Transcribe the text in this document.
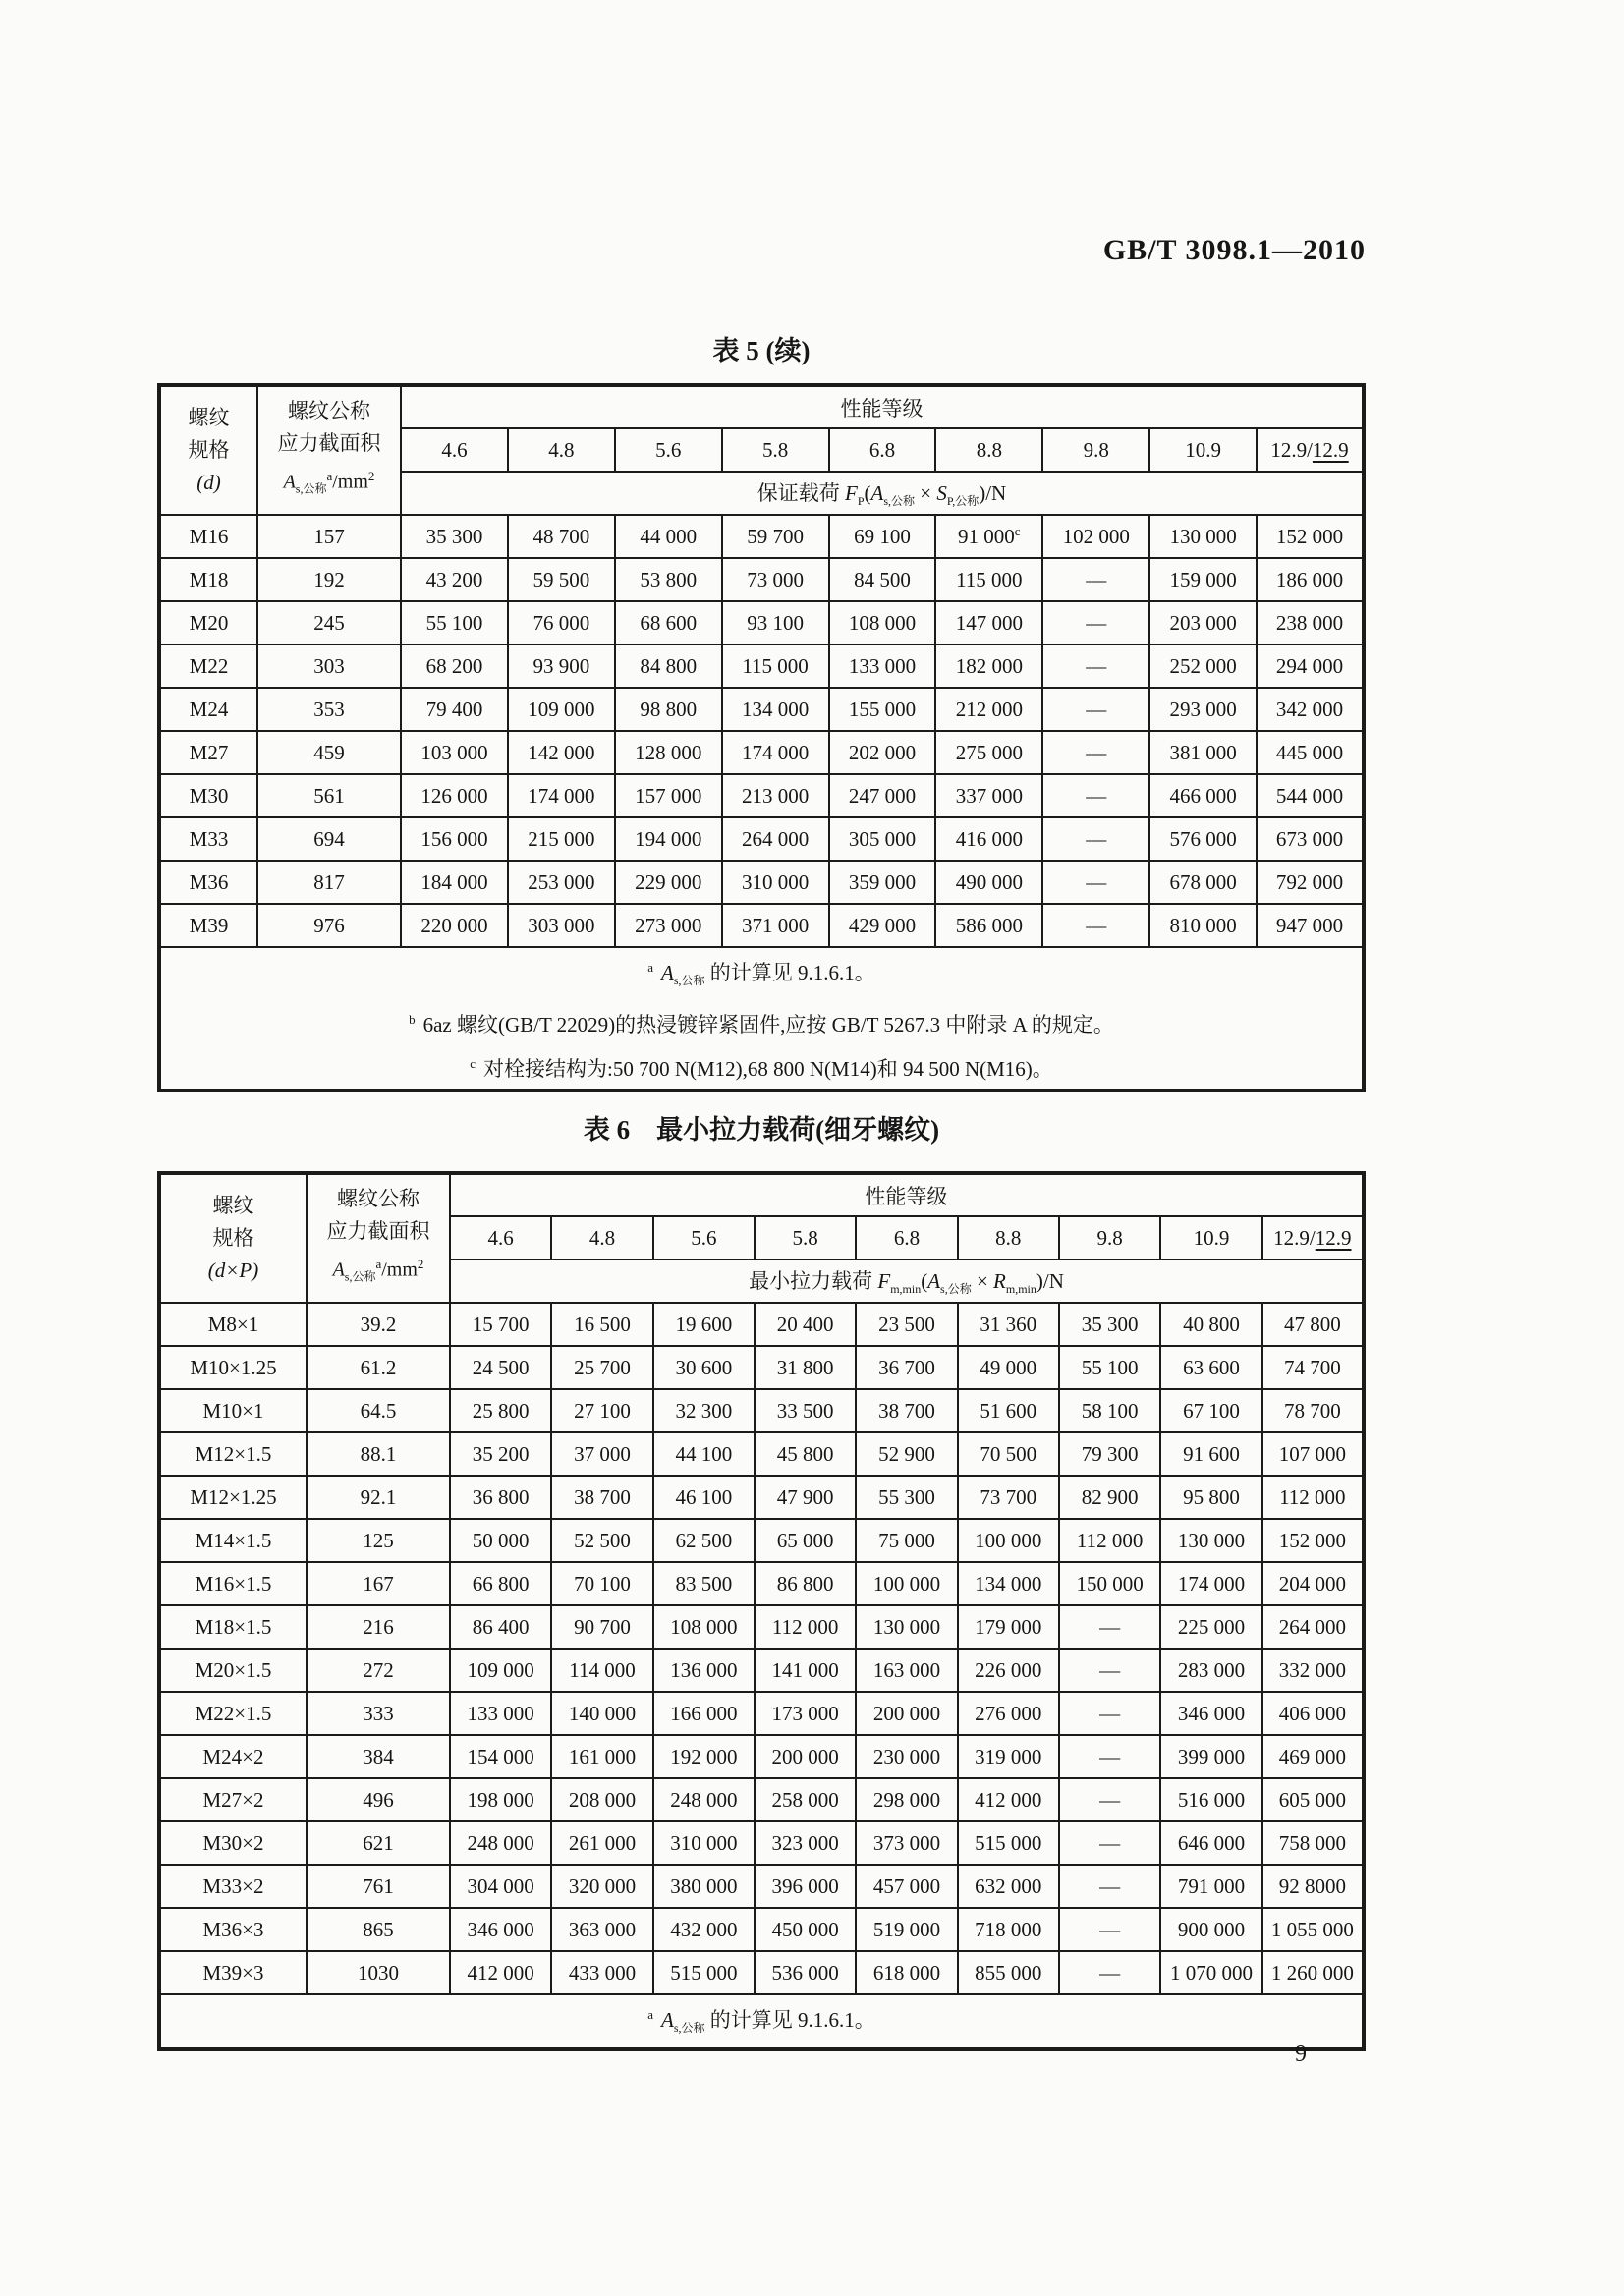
GB/T 3098.1—2010
表 5 (续)
螺纹
规格
(d)

螺纹公称
应力截面积
$A_{s,公称}^a/mm^2$
	性能等级
		4.6	4.8	5.6	5.8	6.8	8.8	9.8	10.9	12.9/12.9
		保证载荷 $F_P(A_{s,公称} \times S_{P,公称})/N$								
M16	157	35 300	48 700	44 000	59 700	69 100	91 000$^c$	102 000	130 000	152 000
M18	192	43 200	59 500	53 800	73 000	84 500	115 000	—	159 000	186 000
M20	245	55 100	76 000	68 600	93 100	108 000	147 000	—	203 000	238 000
M22	303	68 200	93 900	84 800	115 000	133 000	182 000	—	252 000	294 000
M24	353	79 400	109 000	98 800	134 000	155 000	212 000	—	293 000	342 000
M27	459	103 000	142 000	128 000	174 000	202 000	275 000	—	381 000	445 000
M30	561	126 000	174 000	157 000	213 000	247 000	337 000	—	466 000	544 000
M33	694	156 000	215 000	194 000	264 000	305 000	416 000	—	576 000	673 000
M36	817	184 000	253 000	229 000	310 000	359 000	490 000	—	678 000	792 000
M39	976	220 000	303 000	273 000	371 000	429 000	586 000	—	810 000	947 000

$^a$ $A_{s,公称}$ 的计算见 9.1.6.1。
$^b$ 6az 螺纹(GB/T 22029)的热浸镀锌紧固件,应按 GB/T 5267.3 中附录 A 的规定。
$^c$ 对栓接结构为:50 700 N(M12),68 800 N(M14)和 94 500 N(M16)。										
表 6　最小拉力载荷(细牙螺纹)
螺纹
规格
(d×P)

螺纹公称
应力截面积
$A_{s,公称}^a/mm^2$
	性能等级
		4.6	4.8	5.6	5.8	6.8	8.8	9.8	10.9	12.9/12.9
		最小拉力载荷 $F_{m,min}(A_{s,公称} \times R_{m,min})/N$								
M8×1	39.2	15 700	16 500	19 600	20 400	23 500	31 360	35 300	40 800	47 800
M10×1.25	61.2	24 500	25 700	30 600	31 800	36 700	49 000	55 100	63 600	74 700
M10×1	64.5	25 800	27 100	32 300	33 500	38 700	51 600	58 100	67 100	78 700
M12×1.5	88.1	35 200	37 000	44 100	45 800	52 900	70 500	79 300	91 600	107 000
M12×1.25	92.1	36 800	38 700	46 100	47 900	55 300	73 700	82 900	95 800	112 000
M14×1.5	125	50 000	52 500	62 500	65 000	75 000	100 000	112 000	130 000	152 000
M16×1.5	167	66 800	70 100	83 500	86 800	100 000	134 000	150 000	174 000	204 000
M18×1.5	216	86 400	90 700	108 000	112 000	130 000	179 000	—	225 000	264 000
M20×1.5	272	109 000	114 000	136 000	141 000	163 000	226 000	—	283 000	332 000
M22×1.5	333	133 000	140 000	166 000	173 000	200 000	276 000	—	346 000	406 000
M24×2	384	154 000	161 000	192 000	200 000	230 000	319 000	—	399 000	469 000
M27×2	496	198 000	208 000	248 000	258 000	298 000	412 000	—	516 000	605 000
M30×2	621	248 000	261 000	310 000	323 000	373 000	515 000	—	646 000	758 000
M33×2	761	304 000	320 000	380 000	396 000	457 000	632 000	—	791 000	92 8000
M36×3	865	346 000	363 000	432 000	450 000	519 000	718 000	—	900 000	1 055 000
M39×3	1030	412 000	433 000	515 000	536 000	618 000	855 000	—	1 070 000	1 260 000

$^a$ $A_{s,公称}$ 的计算见 9.1.6.1。										
9
